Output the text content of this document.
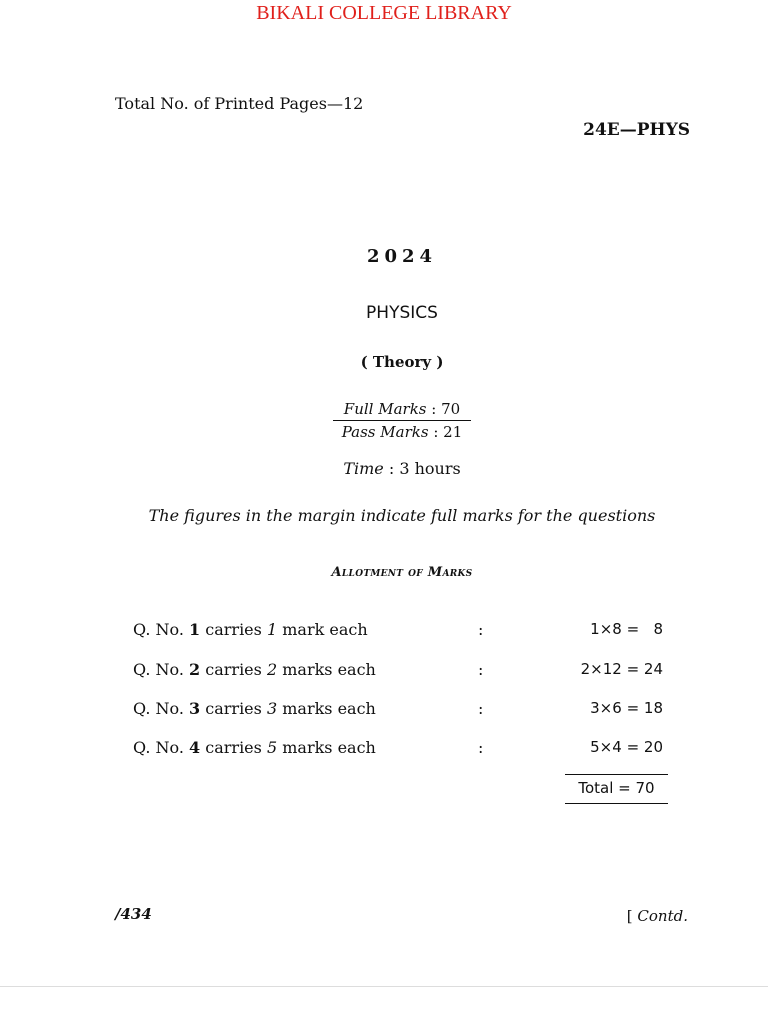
BIKALI COLLEGE LIBRARY
Total No. of Printed Pages—12
24E—PHYS
2024
PHYSICS
( Theory )
Full Marks : 70
Pass Marks : 21
Time : 3 hours
The figures in the margin indicate full marks for the questions
Allotment of Marks
Q. No. 1 carries 1 mark each	:	1×8 =   8
Q. No. 2 carries 2 marks each	:	2×12 = 24
Q. No. 3 carries 3 marks each	:	3×6 = 18
Q. No. 4 carries 5 marks each	:	5×4 = 20
Total = 70
/434	[ Contd.
